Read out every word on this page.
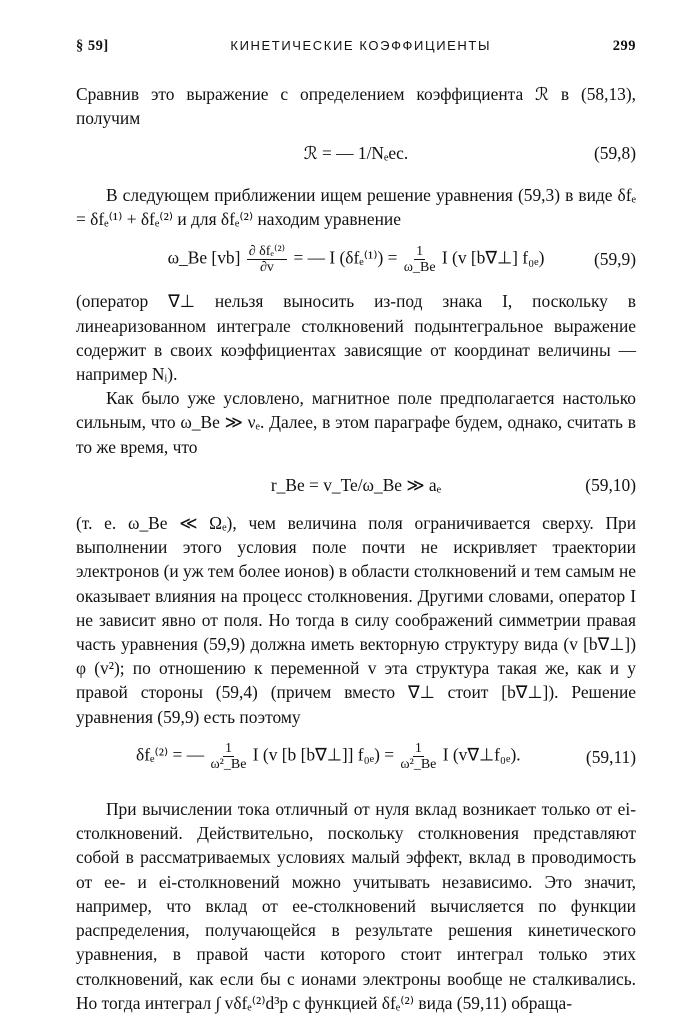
§ 59]	КИНЕТИЧЕСКИЕ КОЭФФИЦИЕНТЫ	299

Сравнив это выражение с определением коэффициента ℛ в (58,13), получим

ℛ = — 1/Nₑec.	(59,8)

В следующем приближении ищем решение уравнения (59,3) в виде δfₑ = δfₑ⁽¹⁾ + δfₑ⁽²⁾ и для δfₑ⁽²⁾ находим уравнение

ω_Be $[vb] \frac{\text{∂ δfₑ⁽²⁾}}{\partial v}$ = — I $(\delta f_e^{(1)}) = \frac{1}{\omega\_Be}$ I (v [b∇⊥] f₀ₑ)	(59,9)

(оператор ∇⊥ нельзя выносить из-под знака I, поскольку в линеаризованном интеграле столкновений подынтегральное выражение содержит в своих коэффициентах зависящие от координат величины — например Nᵢ).

Как было уже условлено, магнитное поле предполагается настолько сильным, что ω_Be ≫ νₑ. Далее, в этом параграфе будем, однако, считать в то же время, что

r_Be = v_Te/ω_Be ≫ aₑ	(59,10)

(т. е. ω_Be ≪ Ωₑ), чем величина поля ограничивается сверху. При выполнении этого условия поле почти не искривляет траектории электронов (и уж тем более ионов) в области столкновений и тем самым не оказывает влияния на процесс столкновения. Другими словами, оператор I не зависит явно от поля. Но тогда в силу соображений симметрии правая часть уравнения (59,9) должна иметь векторную структуру вида (v [b∇⊥]) φ (v²); по отношению к переменной v эта структура такая же, как и у правой стороны (59,4) (причем вместо ∇⊥ стоит [b∇⊥]). Решение уравнения (59,9) есть поэтому

δfₑ⁽²⁾ = — $\frac{1}{\text{ω²\_Be}}$ I (v [b [b∇⊥]] $f_{0e}) = \frac{1}{\text{ω²\_Be}}$ I (v∇⊥f₀ₑ).	(59,11)

При вычислении тока отличный от нуля вклад возникает только от ei-столкновений. Действительно, поскольку столкновения представляют собой в рассматриваемых условиях малый эффект, вклад в проводимость от ee- и ei-столкновений можно учитывать независимо. Это значит, например, что вклад от ee-столкновений вычисляется по функции распределения, получающейся в результате решения кинетического уравнения, в правой части которого стоит интеграл только этих столкновений, как если бы с ионами электроны вообще не сталкивались. Но тогда интеграл ∫ vδfₑ⁽²⁾d³p с функцией δfₑ⁽²⁾ вида (59,11) обраща-
